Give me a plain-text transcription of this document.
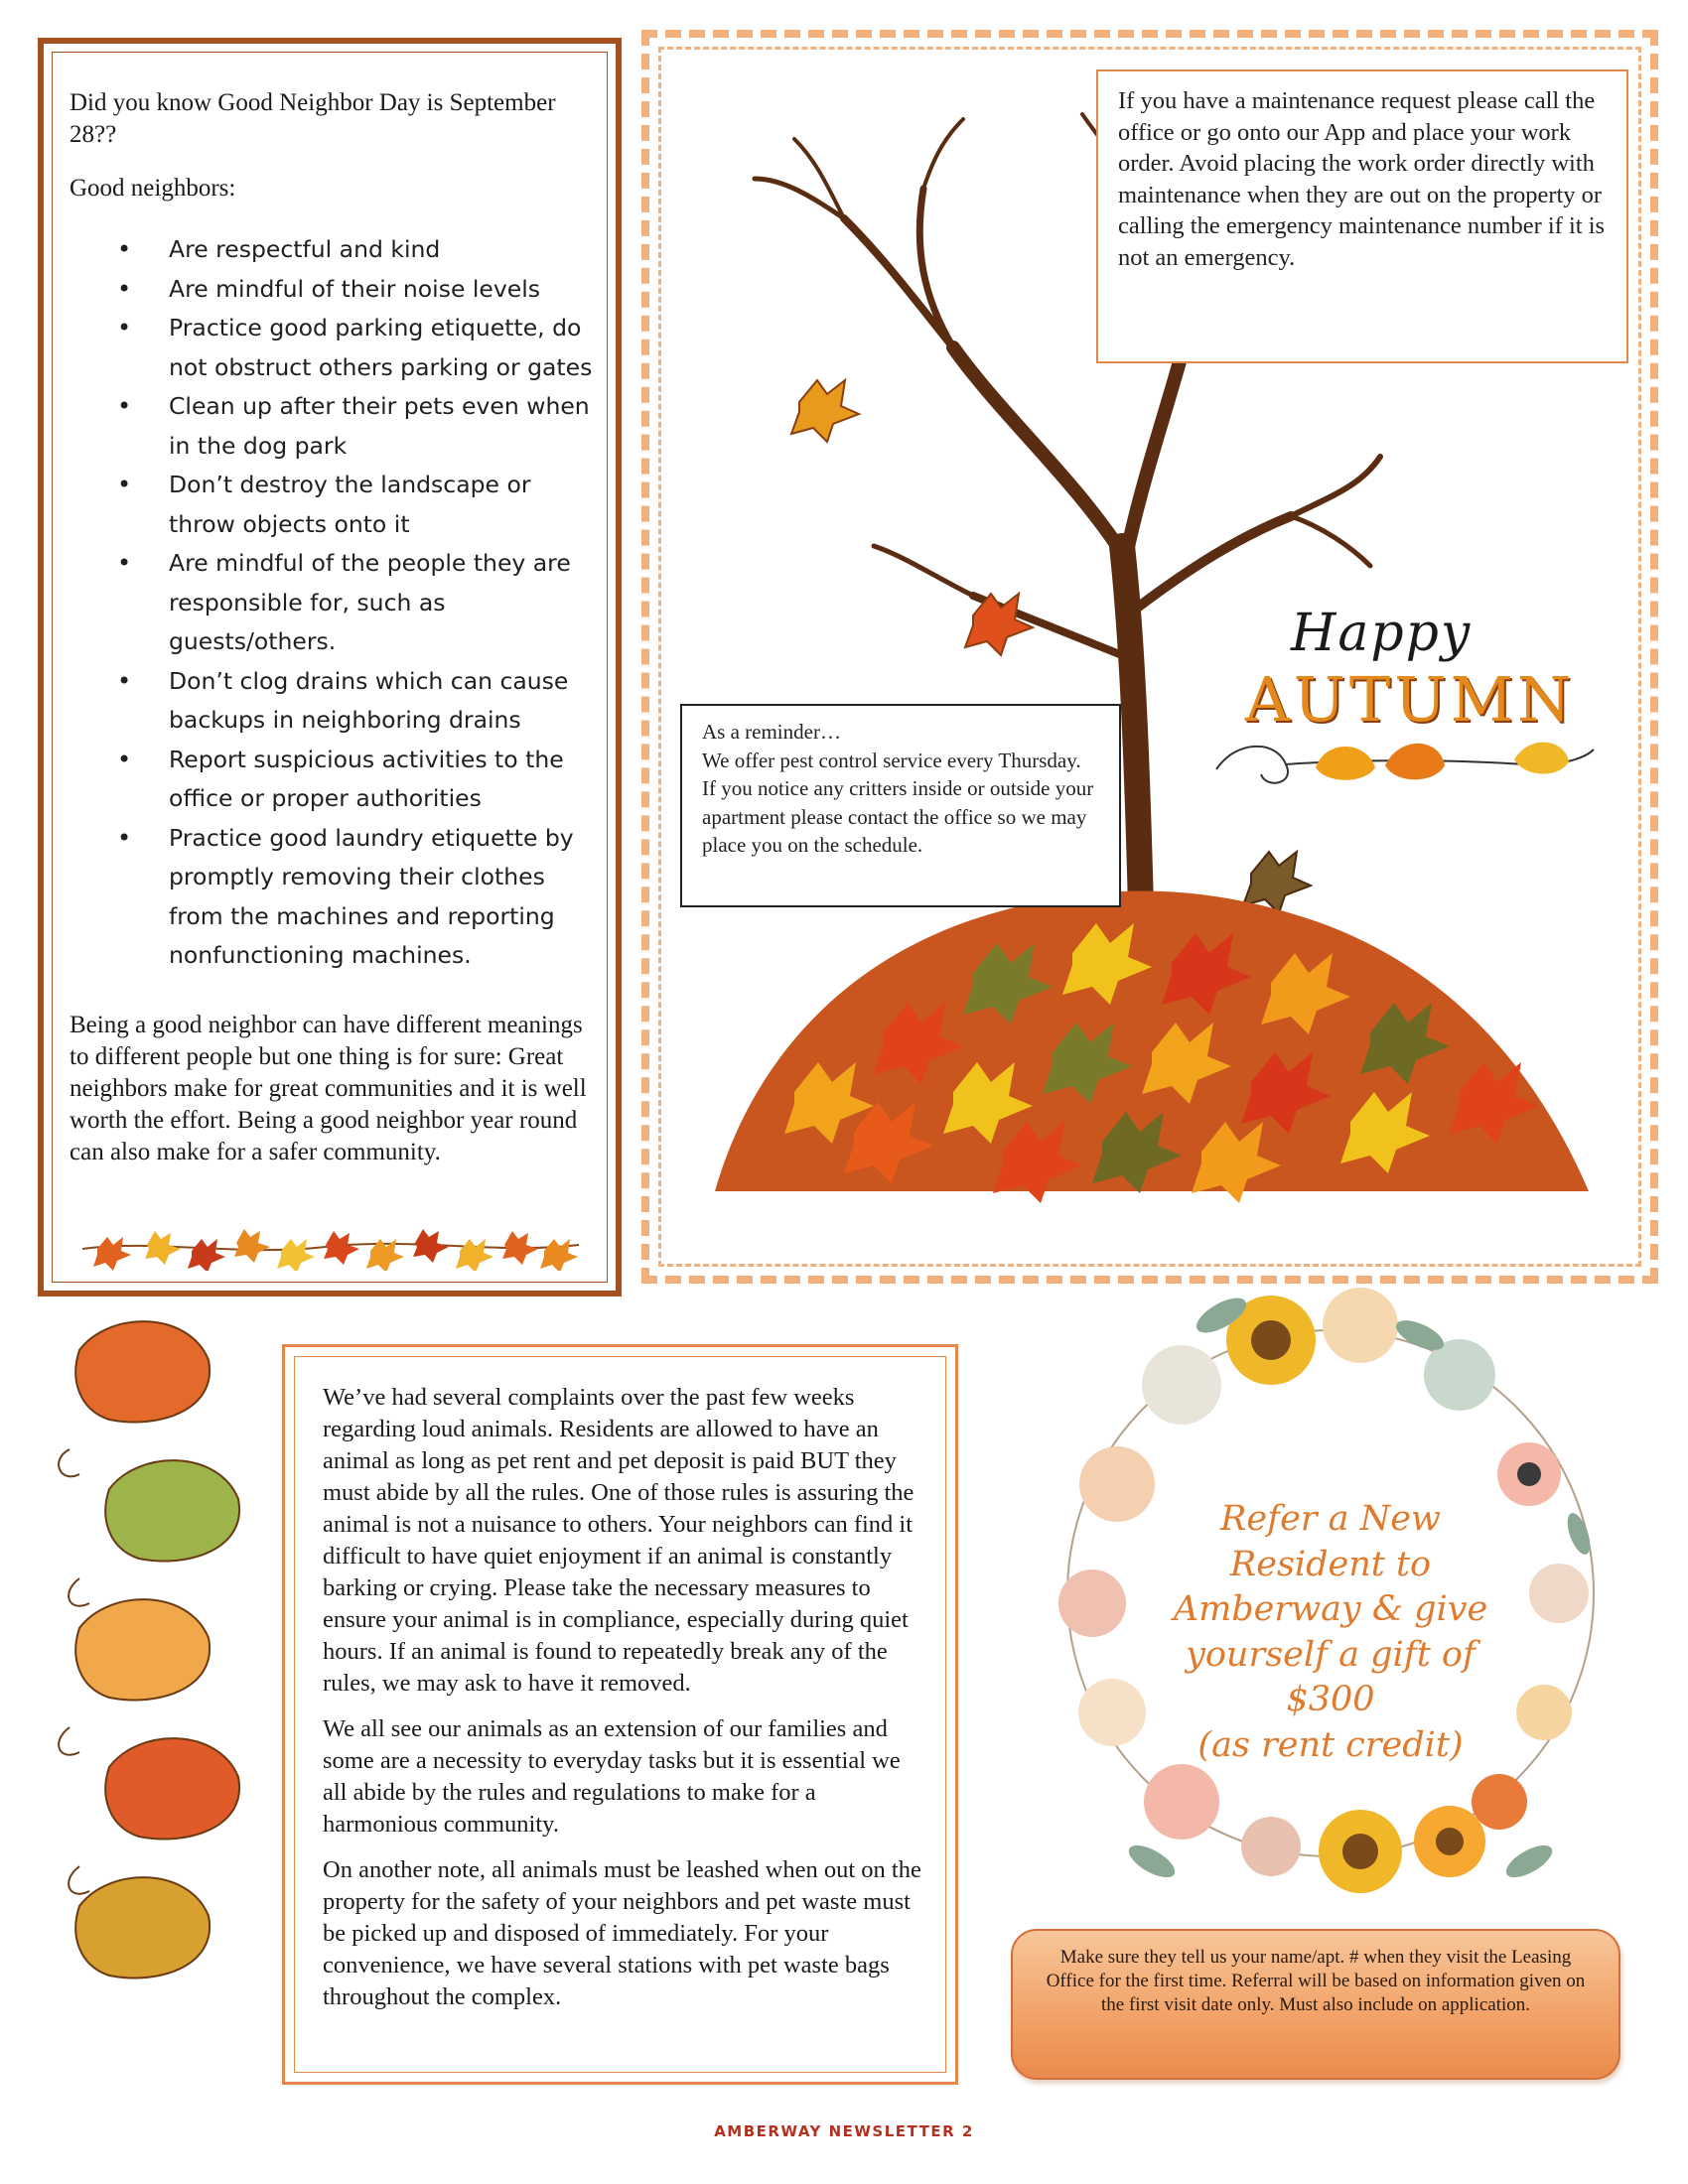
Did you know Good Neighbor Day is September 28??

Good neighbors:

• Are respectful and kind
• Are mindful of their noise levels
• Practice good parking etiquette, do not obstruct others parking or gates
• Clean up after their pets even when in the dog park
• Don’t destroy the landscape or throw objects onto it
• Are mindful of the people they are responsible for, such as guests/others.
• Don’t clog drains which can cause backups in neighboring drains
• Report suspicious activities to the office or proper authorities
• Practice good laundry etiquette by promptly removing their clothes from the machines and reporting nonfunctioning machines.

Being a good neighbor can have different meanings to different people but one thing is for sure: Great neighbors make for great communities and it is well worth the effort. Being a good neighbor year round can also make for a safer community.

If you have a maintenance request please call the office or go onto our App and place your work order. Avoid placing the work order directly with maintenance when they are out on the property or calling the emergency maintenance number if it is not an emergency.

As a reminder…

We offer pest control service every Thursday. If you notice any critters inside or outside your apartment please contact the office so we may place you on the schedule.

Happy
AUTUMN

We’ve had several complaints over the past few weeks regarding loud animals. Residents are allowed to have an animal as long as pet rent and pet deposit is paid BUT they must abide by all the rules. One of those rules is assuring the animal is not a nuisance to others. Your neighbors can find it difficult to have quiet enjoyment if an animal is constantly barking or crying. Please take the necessary measures to ensure your animal is in compliance, especially during quiet hours. If an animal is found to repeatedly break any of the rules, we may ask to have it removed.

We all see our animals as an extension of our families and some are a necessity to everyday tasks but it is essential we all abide by the rules and regulations to make for a harmonious community.

On another note, all animals must be leashed when out on the property for the safety of your neighbors and pet waste must be picked up and disposed of immediately. For your convenience, we have several stations with pet waste bags throughout the complex.

Refer a New
Resident to
Amberway & give
yourself a gift of
$300
(as rent credit)
Make sure they tell us your name/apt. # when they visit the Leasing Office for the first time. Referral will be based on information given on the first visit date only. Must also include on application.
AMBERWAY NEWSLETTER 2
